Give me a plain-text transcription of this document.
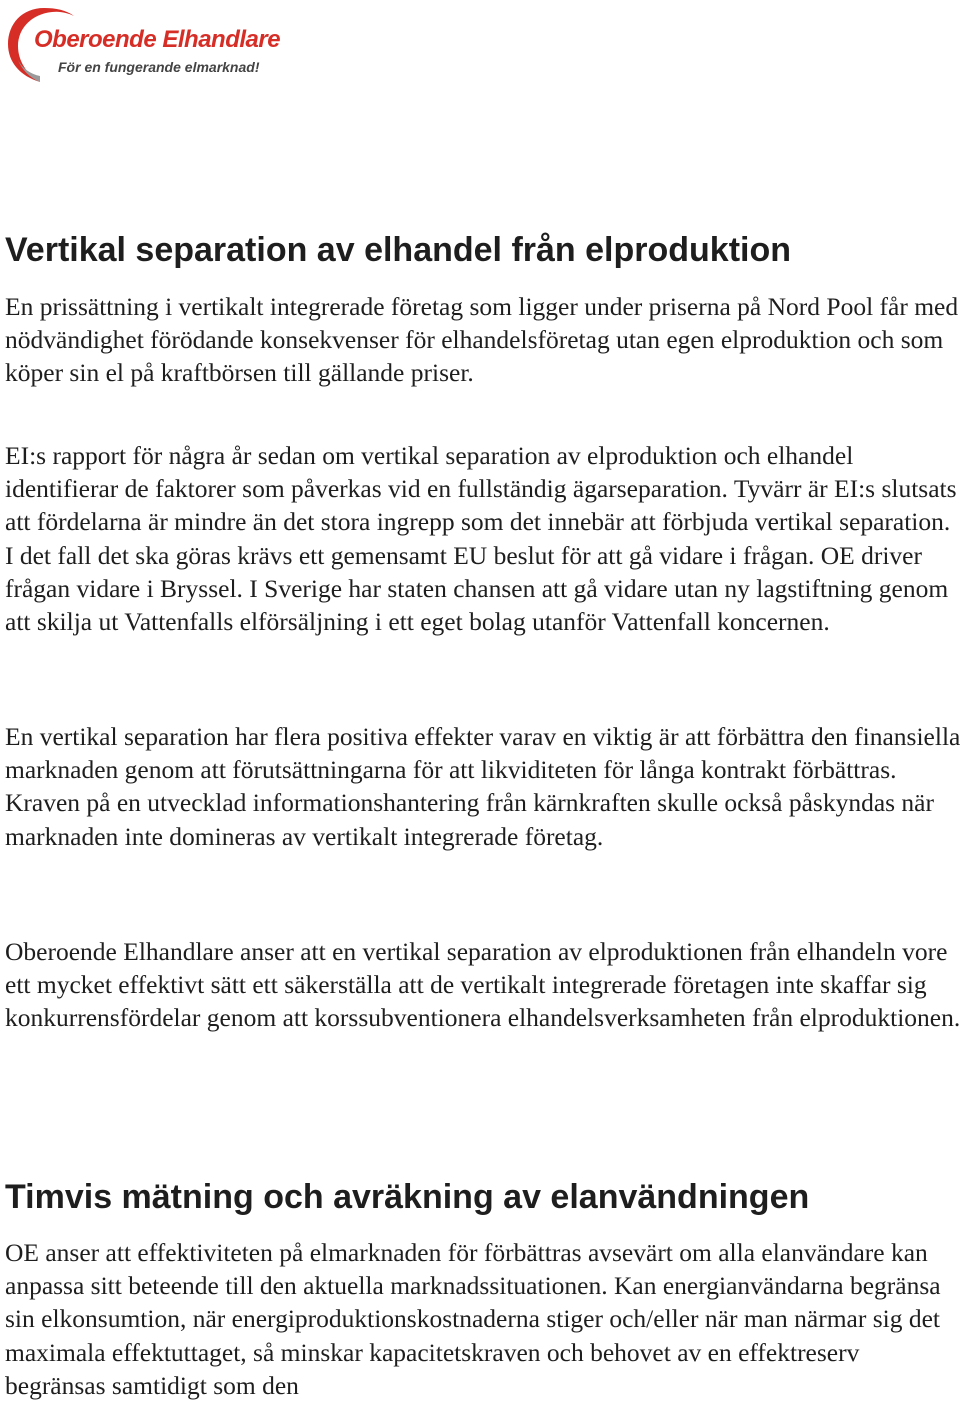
Oberoende Elhandlare
För en fungerande elmarknad!
Vertikal separation av elhandel från elproduktion

En prissättning i vertikalt integrerade företag som ligger under priserna på Nord Pool får med nödvändighet förödande konsekvenser för elhandelsföretag utan egen elproduktion och som köper sin el på kraftbörsen till gällande priser.

EI:s rapport för några år sedan om vertikal separation av elproduktion och elhandel identifierar de faktorer som påverkas vid en fullständig ägarseparation. Tyvärr är EI:s slutsats att fördelarna är mindre än det stora ingrepp som det innebär att förbjuda vertikal separation. I det fall det ska göras krävs ett gemensamt EU beslut för att gå vidare i frågan. OE driver frågan vidare i Bryssel. I Sverige har staten chansen att gå vidare utan ny lagstiftning genom att skilja ut Vattenfalls elförsäljning i ett eget bolag utanför Vattenfall koncernen.

En vertikal separation har flera positiva effekter varav en viktig är att förbättra den finansiella marknaden genom att förutsättningarna för att likviditeten för långa kontrakt förbättras. Kraven på en utvecklad informationshantering från kärnkraften skulle också påskyndas när marknaden inte domineras av vertikalt integrerade företag.

Oberoende Elhandlare anser att en vertikal separation av elproduktionen från elhandeln vore ett mycket effektivt sätt ett säkerställa att de vertikalt integrerade företagen inte skaffar sig konkurrensfördelar genom att korssubventionera elhandelsverksamheten från elproduktionen.

Timvis mätning och avräkning av elanvändningen

OE anser att effektiviteten på elmarknaden för förbättras avsevärt om alla elanvändare kan anpassa sitt beteende till den aktuella marknadssituationen. Kan energianvändarna begränsa sin elkonsumtion, när energiproduktionskostnaderna stiger och/eller när man närmar sig det maximala effektuttaget, så minskar kapacitetskraven och behovet av en effektreserv begränsas samtidigt som den
